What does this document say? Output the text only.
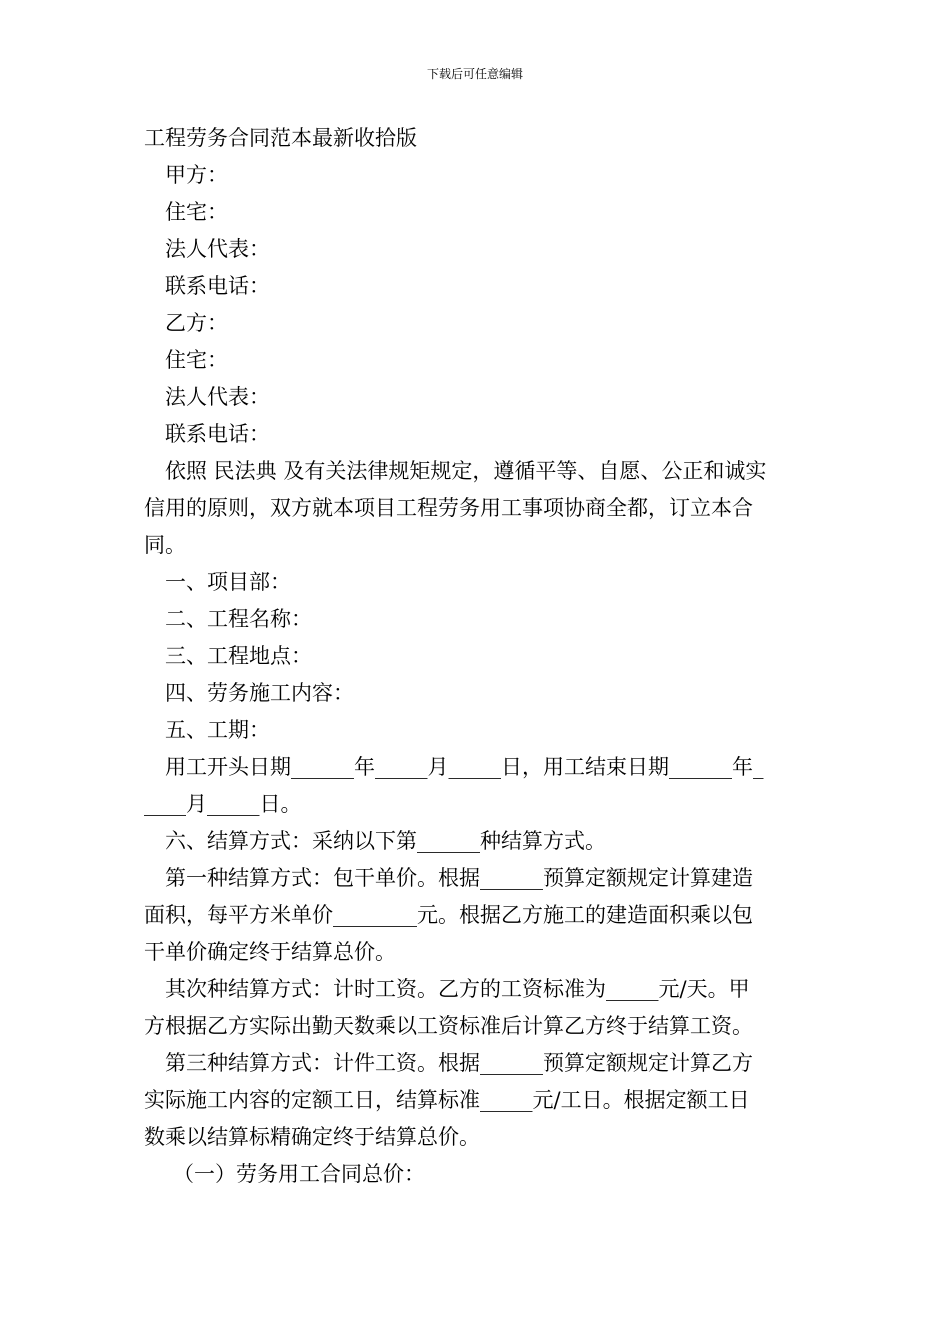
下载后可任意编辑
工程劳务合同范本最新收拾版
甲方：
住宅：
法人代表：
联系电话：
乙方：
住宅：
法人代表：
联系电话：
依照 民法典 及有关法律规矩规定，遵循平等、自愿、公正和诚实
信用的原则，双方就本项目工程劳务用工事项协商全都，订立本合
同。
一、项目部：
二、工程名称：
三、工程地点：
四、劳务施工内容：
五、工期：
用工开头日期______年_____月_____日，用工结束日期______年_
____月_____日。
六、结算方式：采纳以下第______种结算方式。
第一种结算方式：包干单价。根据______预算定额规定计算建造
面积，每平方米单价________元。根据乙方施工的建造面积乘以包
干单价确定终于结算总价。
其次种结算方式：计时工资。乙方的工资标准为_____元/天。甲
方根据乙方实际出勤天数乘以工资标准后计算乙方终于结算工资。
第三种结算方式：计件工资。根据______预算定额规定计算乙方
实际施工内容的定额工日，结算标准_____元/工日。根据定额工日
数乘以结算标精确定终于结算总价。
（一）劳务用工合同总价：
